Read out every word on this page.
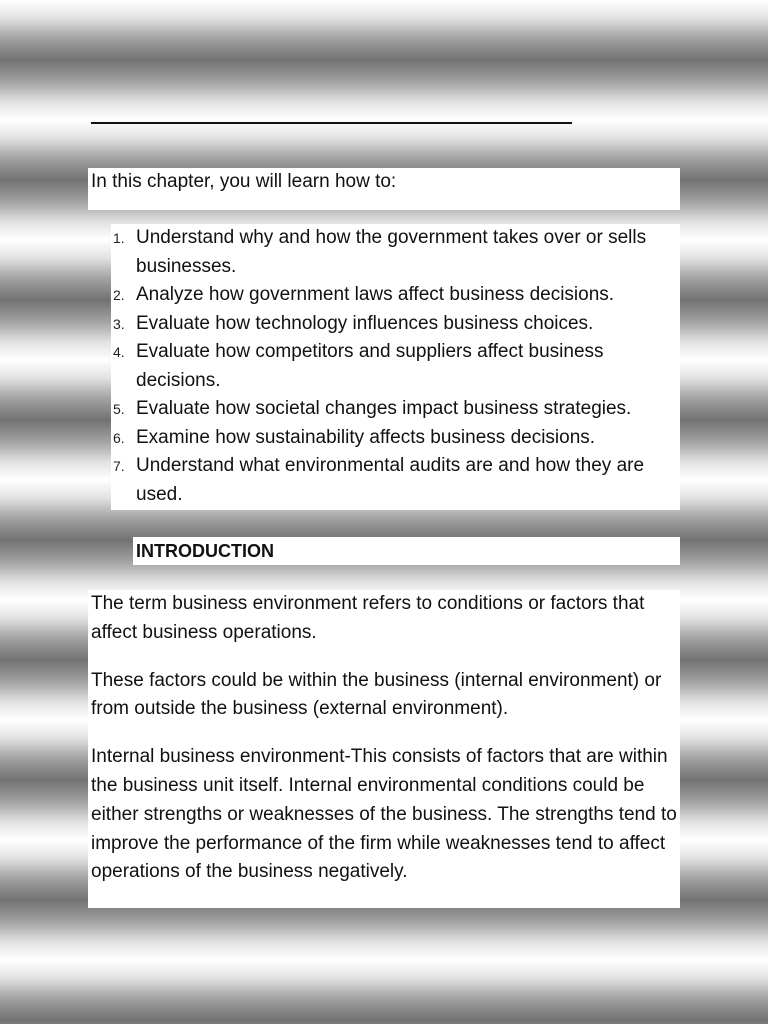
In this chapter, you will learn how to:
1. Understand why and how the government takes over or sells businesses.
2. Analyze how government laws affect business decisions.
3. Evaluate how technology influences business choices.
4. Evaluate how competitors and suppliers affect business decisions.
5. Evaluate how societal changes impact business strategies.
6. Examine how sustainability affects business decisions.
7. Understand what environmental audits are and how they are used.
INTRODUCTION

The term business environment refers to conditions or factors that affect business operations.

These factors could be within the business (internal environment) or from outside the business (external environment).

Internal business environment-This consists of factors that are within the business unit itself. Internal environmental conditions could be either strengths or weaknesses of the business. The strengths tend to improve the performance of the firm while weaknesses tend to affect operations of the business negatively.
